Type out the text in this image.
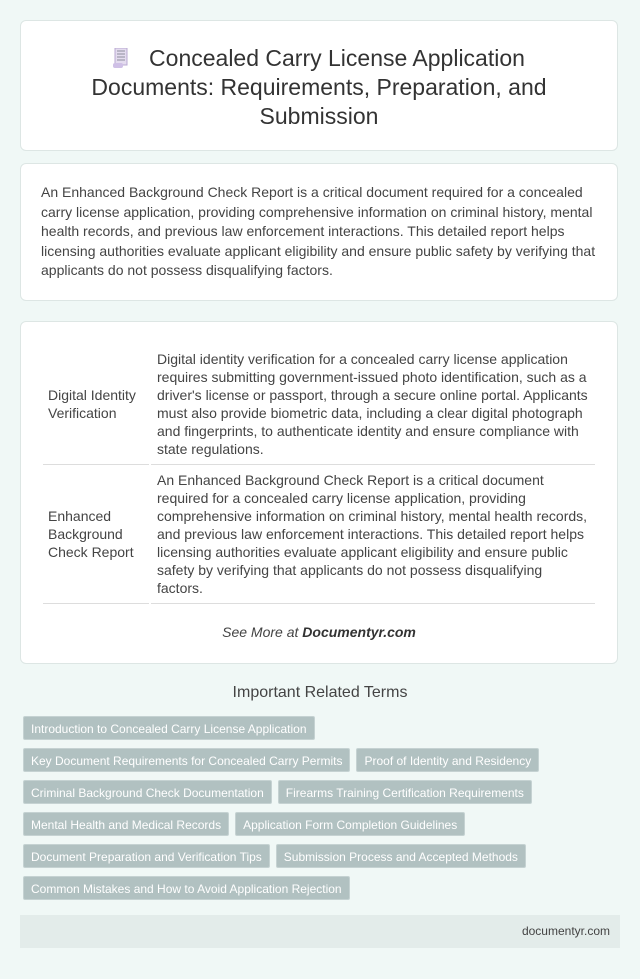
Concealed Carry License Application Documents: Requirements, Preparation, and Submission

An Enhanced Background Check Report is a critical document required for a concealed carry license application, providing comprehensive information on criminal history, mental health records, and previous law enforcement interactions. This detailed report helps licensing authorities evaluate applicant eligibility and ensure public safety by verifying that applicants do not possess disqualifying factors.

Digital Identity Verification	Digital identity verification for a concealed carry license application requires submitting government-issued photo identification, such as a driver's license or passport, through a secure online portal. Applicants must also provide biometric data, including a clear digital photograph and fingerprints, to authenticate identity and ensure compliance with state regulations.
Enhanced Background Check Report	An Enhanced Background Check Report is a critical document required for a concealed carry license application, providing comprehensive information on criminal history, mental health records, and previous law enforcement interactions. This detailed report helps licensing authorities evaluate applicant eligibility and ensure public safety by verifying that applicants do not possess disqualifying factors.
See More at Documentyr.com
Important Related Terms
Introduction to Concealed Carry License Application
Key Document Requirements for Concealed Carry Permits Proof of Identity and Residency
Criminal Background Check Documentation Firearms Training Certification Requirements
Mental Health and Medical Records Application Form Completion Guidelines
Document Preparation and Verification Tips Submission Process and Accepted Methods
Common Mistakes and How to Avoid Application Rejection
documentyr.com
